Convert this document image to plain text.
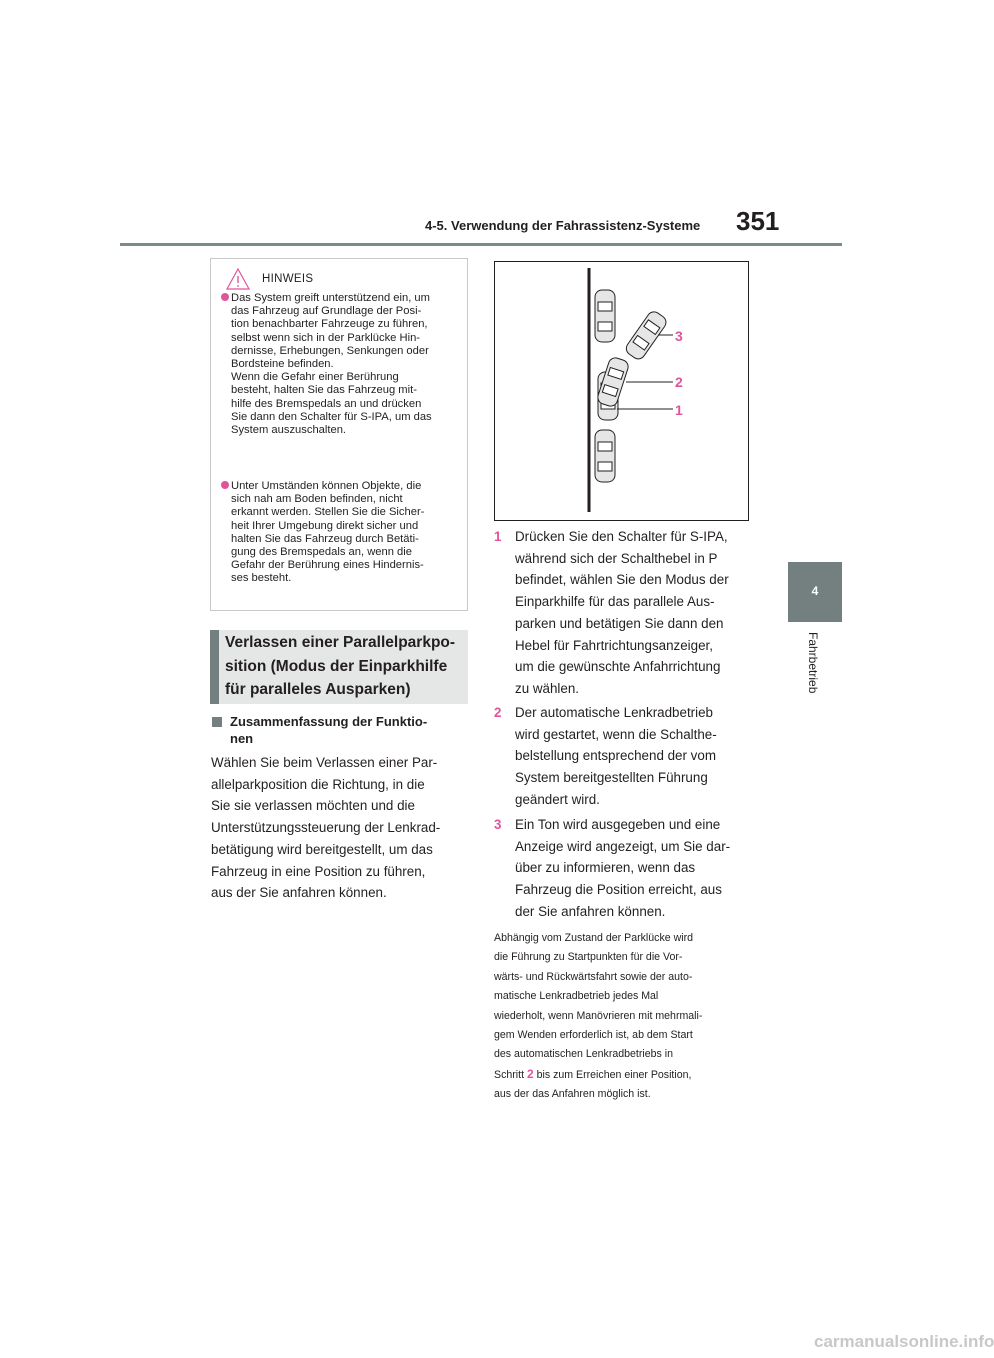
4-5. Verwendung der Fahrassistenz-Systeme 351
4
Fahrbetrieb
HINWEIS

Das System greift unterstützend ein, um
das Fahrzeug auf Grundlage der Posi-
tion benachbarter Fahrzeuge zu führen,
selbst wenn sich in der Parklücke Hin-
dernisse, Erhebungen, Senkungen oder
Bordsteine befinden.
Wenn die Gefahr einer Berührung
besteht, halten Sie das Fahrzeug mit-
hilfe des Bremspedals an und drücken
Sie dann den Schalter für S-IPA, um das
System auszuschalten.

Unter Umständen können Objekte, die
sich nah am Boden befinden, nicht
erkannt werden. Stellen Sie die Sicher-
heit Ihrer Umgebung direkt sicher und
halten Sie das Fahrzeug durch Betäti-
gung des Bremspedals an, wenn die
Gefahr der Berührung eines Hindernis-
ses besteht.

Verlassen einer Parallelparkpo-
sition (Modus der Einparkhilfe
für paralleles Ausparken)

Zusammenfassung der Funktio-
nen

Wählen Sie beim Verlassen einer Par-
allelparkposition die Richtung, in die
Sie sie verlassen möchten und die
Unterstützungssteuerung der Lenkrad-
betätigung wird bereitgestellt, um das
Fahrzeug in eine Position zu führen,
aus der Sie anfahren können.

3
2
1
1 Drücken Sie den Schalter für S-IPA,
während sich der Schalthebel in P
befindet, wählen Sie den Modus der
Einparkhilfe für das parallele Aus-
parken und betätigen Sie dann den
Hebel für Fahrtrichtungsanzeiger,
um die gewünschte Anfahrrichtung
zu wählen.

2 Der automatische Lenkradbetrieb
wird gestartet, wenn die Schalthe-
belstellung entsprechend der vom
System bereitgestellten Führung
geändert wird.

3 Ein Ton wird ausgegeben und eine
Anzeige wird angezeigt, um Sie dar-
über zu informieren, wenn das
Fahrzeug die Position erreicht, aus
der Sie anfahren können.

Abhängig vom Zustand der Parklücke wird
die Führung zu Startpunkten für die Vor-
wärts- und Rückwärtsfahrt sowie der auto-
matische Lenkradbetrieb jedes Mal
wiederholt, wenn Manövrieren mit mehrmali-
gem Wenden erforderlich ist, ab dem Start
des automatischen Lenkradbetriebs in
Schritt 2 bis zum Erreichen einer Position,
aus der das Anfahren möglich ist.

carmanualsonline.info
